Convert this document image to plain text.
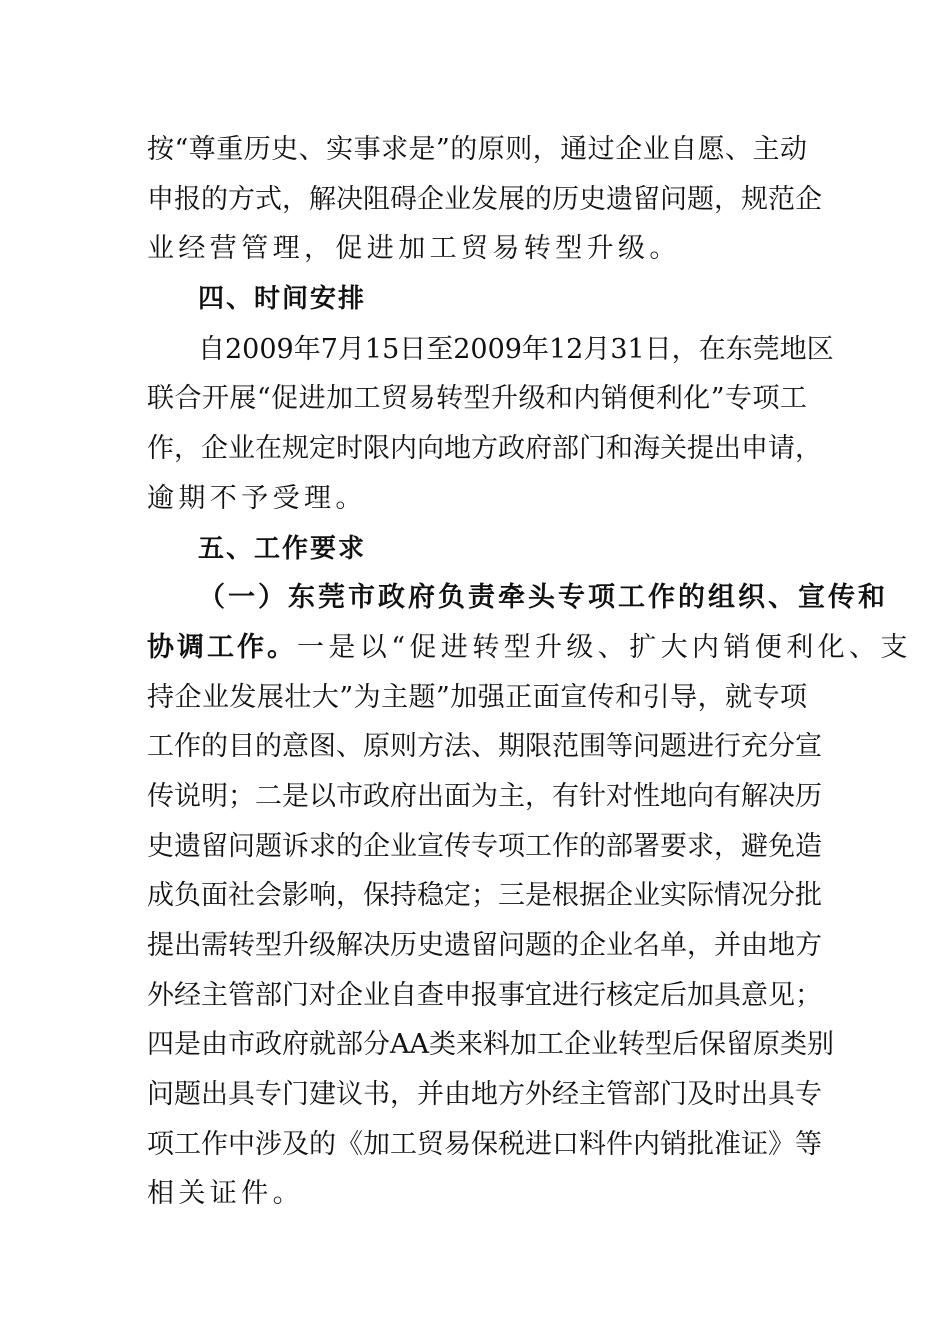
按“尊重历史、实事求是”的原则，通过企业自愿、主动
申报的方式，解决阻碍企业发展的历史遗留问题，规范企
业经营管理，促进加工贸易转型升级。
四、时间安排
自2009年7月15日至2009年12月31日，在东莞地区
联合开展“促进加工贸易转型升级和内销便利化”专项工
作，企业在规定时限内向地方政府部门和海关提出申请，
逾期不予受理。
五、工作要求
（一）东莞市政府负责牵头专项工作的组织、宣传和
协调工作。一是以“促进转型升级、扩大内销便利化、支
持企业发展壮大”为主题”加强正面宣传和引导，就专项
工作的目的意图、原则方法、期限范围等问题进行充分宣
传说明；二是以市政府出面为主，有针对性地向有解决历
史遗留问题诉求的企业宣传专项工作的部署要求，避免造
成负面社会影响，保持稳定；三是根据企业实际情况分批
提出需转型升级解决历史遗留问题的企业名单，并由地方
外经主管部门对企业自查申报事宜进行核定后加具意见；
四是由市政府就部分AA类来料加工企业转型后保留原类别
问题出具专门建议书，并由地方外经主管部门及时出具专
项工作中涉及的《加工贸易保税进口料件内销批准证》等
相关证件。
